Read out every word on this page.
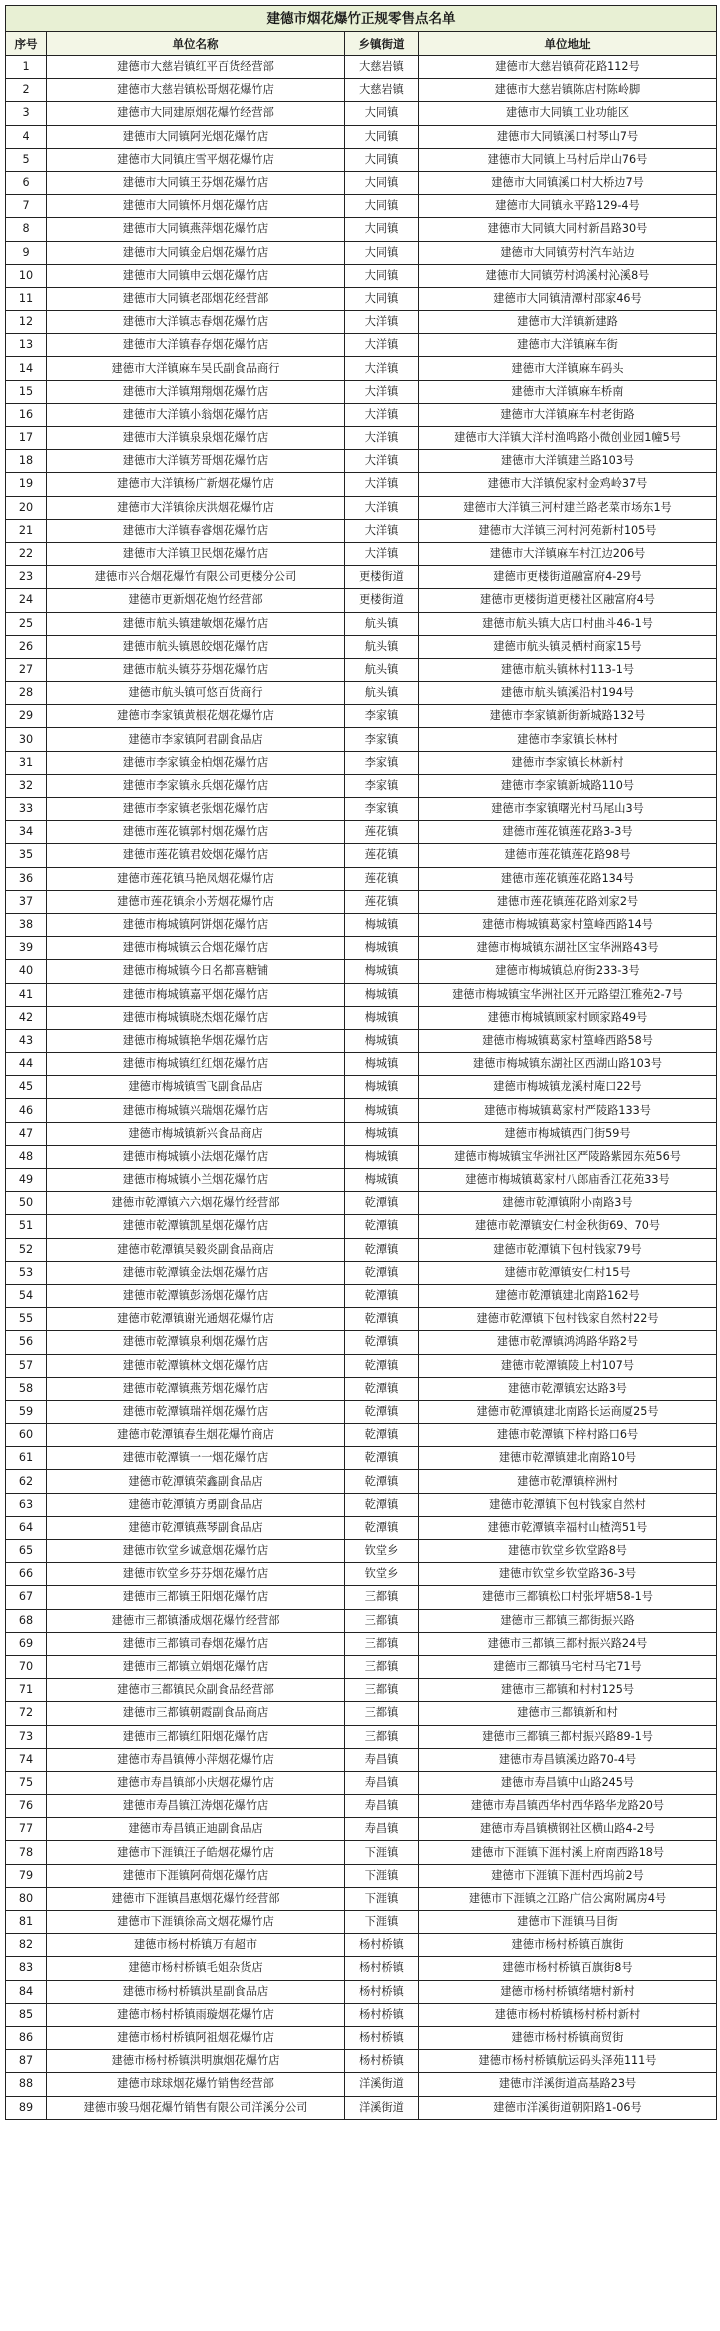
建德市烟花爆竹正规零售点名单			
序号	单位名称	乡镇街道	单位地址
1	建德市大慈岩镇红平百货经营部	大慈岩镇	建德市大慈岩镇荷花路112号
2	建德市大慈岩镇松哥烟花爆竹店	大慈岩镇	建德市大慈岩镇陈店村陈岭脚
3	建德市大同建原烟花爆竹经营部	大同镇	建德市大同镇工业功能区
4	建德市大同镇阿光烟花爆竹店	大同镇	建德市大同镇溪口村琴山7号
5	建德市大同镇庄雪平烟花爆竹店	大同镇	建德市大同镇上马村后岸山76号
6	建德市大同镇王芬烟花爆竹店	大同镇	建德市大同镇溪口村大桥边7号
7	建德市大同镇怀月烟花爆竹店	大同镇	建德市大同镇永平路129-4号
8	建德市大同镇燕萍烟花爆竹店	大同镇	建德市大同镇大同村新昌路30号
9	建德市大同镇金启烟花爆竹店	大同镇	建德市大同镇劳村汽车站边
10	建德市大同镇申云烟花爆竹店	大同镇	建德市大同镇劳村鸿溪村沁溪8号
11	建德市大同镇老邵烟花经营部	大同镇	建德市大同镇清潭村邵家46号
12	建德市大洋镇志春烟花爆竹店	大洋镇	建德市大洋镇新建路
13	建德市大洋镇春存烟花爆竹店	大洋镇	建德市大洋镇麻车街
14	建德市大洋镇麻车吴氏副食品商行	大洋镇	建德市大洋镇麻车码头
15	建德市大洋镇翔翔烟花爆竹店	大洋镇	建德市大洋镇麻车桥南
16	建德市大洋镇小翁烟花爆竹店	大洋镇	建德市大洋镇麻车村老街路
17	建德市大洋镇泉泉烟花爆竹店	大洋镇	建德市大洋镇大洋村渔鸣路小微创业园1幢5号
18	建德市大洋镇芳哥烟花爆竹店	大洋镇	建德市大洋镇建兰路103号
19	建德市大洋镇杨广新烟花爆竹店	大洋镇	建德市大洋镇倪家村金鸡岭37号
20	建德市大洋镇徐庆洪烟花爆竹店	大洋镇	建德市大洋镇三河村建兰路老菜市场东1号
21	建德市大洋镇春睿烟花爆竹店	大洋镇	建德市大洋镇三河村河苑新村105号
22	建德市大洋镇卫民烟花爆竹店	大洋镇	建德市大洋镇麻车村江边206号
23	建德市兴合烟花爆竹有限公司更楼分公司	更楼街道	建德市更楼街道融富府4-29号
24	建德市更新烟花炮竹经营部	更楼街道	建德市更楼街道更楼社区融富府4号
25	建德市航头镇建敏烟花爆竹店	航头镇	建德市航头镇大店口村曲斗46-1号
26	建德市航头镇恩皎烟花爆竹店	航头镇	建德市航头镇灵栖村商家15号
27	建德市航头镇芬芬烟花爆竹店	航头镇	建德市航头镇林村113-1号
28	建德市航头镇可悠百货商行	航头镇	建德市航头镇溪沿村194号
29	建德市李家镇黄根花烟花爆竹店	李家镇	建德市李家镇新街新城路132号
30	建德市李家镇阿君副食品店	李家镇	建德市李家镇长林村
31	建德市李家镇金柏烟花爆竹店	李家镇	建德市李家镇长林新村
32	建德市李家镇永兵烟花爆竹店	李家镇	建德市李家镇新城路110号
33	建德市李家镇老张烟花爆竹店	李家镇	建德市李家镇曙光村马尾山3号
34	建德市莲花镇郭村烟花爆竹店	莲花镇	建德市莲花镇莲花路3-3号
35	建德市莲花镇君姣烟花爆竹店	莲花镇	建德市莲花镇莲花路98号
36	建德市莲花镇马艳凤烟花爆竹店	莲花镇	建德市莲花镇莲花路134号
37	建德市莲花镇余小芳烟花爆竹店	莲花镇	建德市莲花镇莲花路刘家2号
38	建德市梅城镇阿饼烟花爆竹店	梅城镇	建德市梅城镇葛家村篁峰西路14号
39	建德市梅城镇云合烟花爆竹店	梅城镇	建德市梅城镇东湖社区宝华洲路43号
40	建德市梅城镇今日名都喜糖铺	梅城镇	建德市梅城镇总府街233-3号
41	建德市梅城镇嘉平烟花爆竹店	梅城镇	建德市梅城镇宝华洲社区开元路望江雅苑2-7号
42	建德市梅城镇晓杰烟花爆竹店	梅城镇	建德市梅城镇顾家村顾家路49号
43	建德市梅城镇艳华烟花爆竹店	梅城镇	建德市梅城镇葛家村篁峰西路58号
44	建德市梅城镇红红烟花爆竹店	梅城镇	建德市梅城镇东湖社区西湖山路103号
45	建德市梅城镇雪飞副食品店	梅城镇	建德市梅城镇龙溪村庵口22号
46	建德市梅城镇兴瑞烟花爆竹店	梅城镇	建德市梅城镇葛家村严陵路133号
47	建德市梅城镇新兴食品商店	梅城镇	建德市梅城镇西门街59号
48	建德市梅城镇小法烟花爆竹店	梅城镇	建德市梅城镇宝华洲社区严陵路紫园东苑56号
49	建德市梅城镇小兰烟花爆竹店	梅城镇	建德市梅城镇葛家村八郎庙香江花苑33号
50	建德市乾潭镇六六烟花爆竹经营部	乾潭镇	建德市乾潭镇附小南路3号
51	建德市乾潭镇凯星烟花爆竹店	乾潭镇	建德市乾潭镇安仁村金秋街69、70号
52	建德市乾潭镇吴毅炎副食品商店	乾潭镇	建德市乾潭镇下包村钱家79号
53	建德市乾潭镇金法烟花爆竹店	乾潭镇	建德市乾潭镇安仁村15号
54	建德市乾潭镇彭汤烟花爆竹店	乾潭镇	建德市乾潭镇建北南路162号
55	建德市乾潭镇谢光通烟花爆竹店	乾潭镇	建德市乾潭镇下包村钱家自然村22号
56	建德市乾潭镇泉利烟花爆竹店	乾潭镇	建德市乾潭镇鸿鸿路华路2号
57	建德市乾潭镇林文烟花爆竹店	乾潭镇	建德市乾潭镇陵上村107号
58	建德市乾潭镇燕芳烟花爆竹店	乾潭镇	建德市乾潭镇宏达路3号
59	建德市乾潭镇瑞祥烟花爆竹店	乾潭镇	建德市乾潭镇建北南路长运商厦25号
60	建德市乾潭镇春生烟花爆竹商店	乾潭镇	建德市乾潭镇下梓村路口6号
61	建德市乾潭镇一一烟花爆竹店	乾潭镇	建德市乾潭镇建北南路10号
62	建德市乾潭镇荣鑫副食品店	乾潭镇	建德市乾潭镇梓洲村
63	建德市乾潭镇方勇副食品店	乾潭镇	建德市乾潭镇下包村钱家自然村
64	建德市乾潭镇燕琴副食品店	乾潭镇	建德市乾潭镇幸福村山楂湾51号
65	建德市钦堂乡诚意烟花爆竹店	钦堂乡	建德市钦堂乡钦堂路8号
66	建德市钦堂乡芬芬烟花爆竹店	钦堂乡	建德市钦堂乡钦堂路36-3号
67	建德市三都镇王阳烟花爆竹店	三都镇	建德市三都镇松口村张坪塘58-1号
68	建德市三都镇潘成烟花爆竹经营部	三都镇	建德市三都镇三都街振兴路
69	建德市三都镇司春烟花爆竹店	三都镇	建德市三都镇三都村振兴路24号
70	建德市三都镇立娟烟花爆竹店	三都镇	建德市三都镇马宅村马宅71号
71	建德市三都镇民众副食品经营部	三都镇	建德市三都镇和村村125号
72	建德市三都镇朝霞副食品商店	三都镇	建德市三都镇新和村
73	建德市三都镇红阳烟花爆竹店	三都镇	建德市三都镇三都村振兴路89-1号
74	建德市寿昌镇傅小萍烟花爆竹店	寿昌镇	建德市寿昌镇溪边路70-4号
75	建德市寿昌镇部小庆烟花爆竹店	寿昌镇	建德市寿昌镇中山路245号
76	建德市寿昌镇江涛烟花爆竹店	寿昌镇	建德市寿昌镇西华村西华路华龙路20号
77	建德市寿昌镇正迪副食品店	寿昌镇	建德市寿昌镇横钢社区横山路4-2号
78	建德市下涯镇汪子皓烟花爆竹店	下涯镇	建德市下涯镇下涯村溪上府南西路18号
79	建德市下涯镇阿荷烟花爆竹店	下涯镇	建德市下涯镇下涯村西坞前2号
80	建德市下涯镇昌惠烟花爆竹经营部	下涯镇	建德市下涯镇之江路广信公寓附属房4号
81	建德市下涯镇徐高文烟花爆竹店	下涯镇	建德市下涯镇马目街
82	建德市杨村桥镇万有超市	杨村桥镇	建德市杨村桥镇百旗街
83	建德市杨村桥镇毛姐杂货店	杨村桥镇	建德市杨村桥镇百旗街8号
84	建德市杨村桥镇洪星副食品店	杨村桥镇	建德市杨村桥镇绪塘村新村
85	建德市杨村桥镇雨璇烟花爆竹店	杨村桥镇	建德市杨村桥镇杨村桥村新村
86	建德市杨村桥镇阿祖烟花爆竹店	杨村桥镇	建德市杨村桥镇商贸街
87	建德市杨村桥镇洪明旗烟花爆竹店	杨村桥镇	建德市杨村桥镇航运码头泽苑111号
88	建德市球球烟花爆竹销售经营部	洋溪街道	建德市洋溪街道高基路23号
89	建德市骏马烟花爆竹销售有限公司洋溪分公司	洋溪街道	建德市洋溪街道朝阳路1-06号
